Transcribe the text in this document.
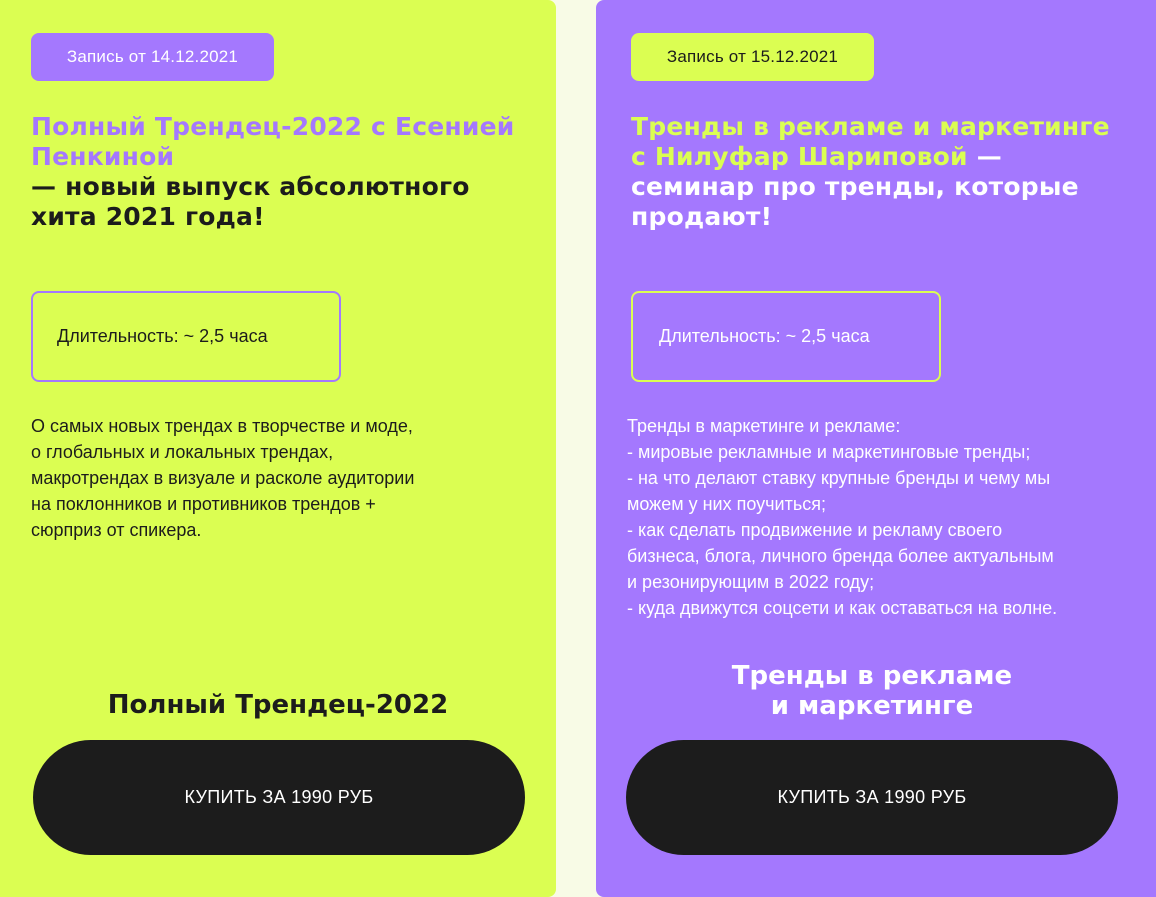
Запись от 14.12.2021
Полный Трендец-2022 с Есенией Пенкиной
— новый выпуск абсолютного хита 2021 года!
Длительность: ~ 2,5 часа
О самых новых трендах в творчестве и моде,
о глобальных и локальных трендах,
макротрендах в визуале и расколе аудитории
на поклонников и противников трендов +
сюрприз от спикера.
Полный Трендец-2022
КУПИТЬ ЗА 1990 РУБ
Запись от 15.12.2021
Тренды в рекламе и маркетинге с Нилуфар Шариповой — семинар про тренды, которые продают!
Длительность: ~ 2,5 часа
Тренды в маркетинге и рекламе:
- мировые рекламные и маркетинговые тренды;
- на что делают ставку крупные бренды и чему мы
можем у них поучиться;
- как сделать продвижение и рекламу своего
бизнеса, блога, личного бренда более актуальным
и резонирующим в 2022 году;
- куда движутся соцсети и как оставаться на волне.
Тренды в рекламе
и маркетинге
КУПИТЬ ЗА 1990 РУБ
